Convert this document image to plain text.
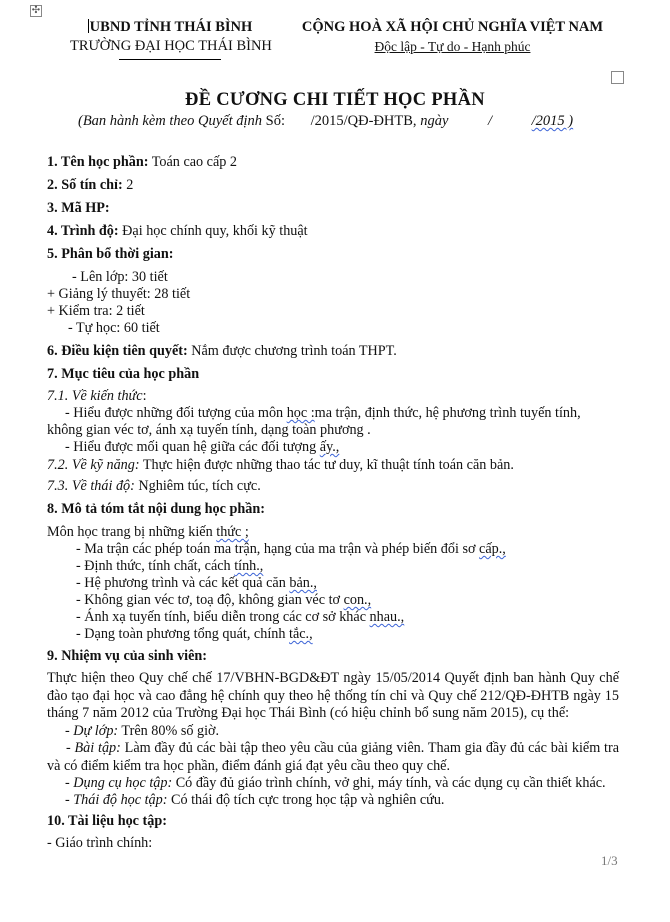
✣
UBND TỈNH THÁI BÌNH
TRƯỜNG ĐẠI HỌC THÁI BÌNH
CỘNG HOÀ XÃ HỘI CHỦ NGHĨA VIỆT NAM
Độc lập - Tự do - Hạnh phúc
ĐỀ CƯƠNG CHI TIẾT HỌC PHẦN
(Ban hành kèm theo Quyết định Số: /2015/QĐ-ĐHTB, ngày	/	/2015 )
1. Tên học phần: Toán cao cấp 2
2. Số tín chỉ: 2
3. Mã HP:
4. Trình độ: Đại học chính quy, khối kỹ thuật
5. Phân bổ thời gian:
- Lên lớp: 30 tiết
+ Giảng lý thuyết: 28 tiết
+ Kiểm tra: 2 tiết
- Tự học: 60 tiết
6. Điều kiện tiên quyết: Nắm được chương trình toán THPT.
7. Mục tiêu của học phần
7.1. Về kiến thức:
- Hiểu được những đối tượng của môn học :ma trận, định thức, hệ phương trình tuyến tính,
không gian véc tơ, ánh xạ tuyến tính, dạng toàn phương .
- Hiểu được mối quan hệ giữa các đối tượng ấy.,
7.2. Về kỹ năng: Thực hiện được những thao tác tư duy, kĩ thuật tính toán căn bản.
7.3. Về thái độ: Nghiêm túc, tích cực.
8. Mô tả tóm tắt nội dung học phần:
Môn học trang bị những kiến thức ;
- Ma trận các phép toán ma trận, hạng của ma trận và phép biến đổi sơ cấp.,
- Định thức, tính chất, cách tính.,
- Hệ phương trình và các kết quả căn bản.,
- Không gian véc tơ, toạ độ, không gian véc tơ con.,
- Ánh xạ tuyến tính, biểu diễn trong các cơ sở khác nhau.,
- Dạng toàn phương tổng quát, chính tắc.,
9. Nhiệm vụ của sinh viên:
Thực hiện theo Quy chế chế 17/VBHN-BGD&ĐT ngày 15/05/2014 Quyết định ban hành Quy chế đào tạo đại học và cao đẳng hệ chính quy theo hệ thống tín chỉ và Quy chế 212/QĐ-ĐHTB ngày 15 tháng 7 năm 2012 của Trường Đại học Thái Bình (có hiệu chỉnh bổ sung năm 2015), cụ thể:
- Dự lớp: Trên 80% số giờ.
- Bài tập: Làm đầy đủ các bài tập theo yêu cầu của giảng viên. Tham gia đầy đủ các bài kiểm tra và có điểm kiểm tra học phần, điểm đánh giá đạt yêu cầu theo quy chế.
- Dụng cụ học tập: Có đầy đủ giáo trình chính, vở ghi, máy tính, và các dụng cụ cần thiết khác.
- Thái độ học tập: Có thái độ tích cực trong học tập và nghiên cứu.
10. Tài liệu học tập:
- Giáo trình chính:
1/3
